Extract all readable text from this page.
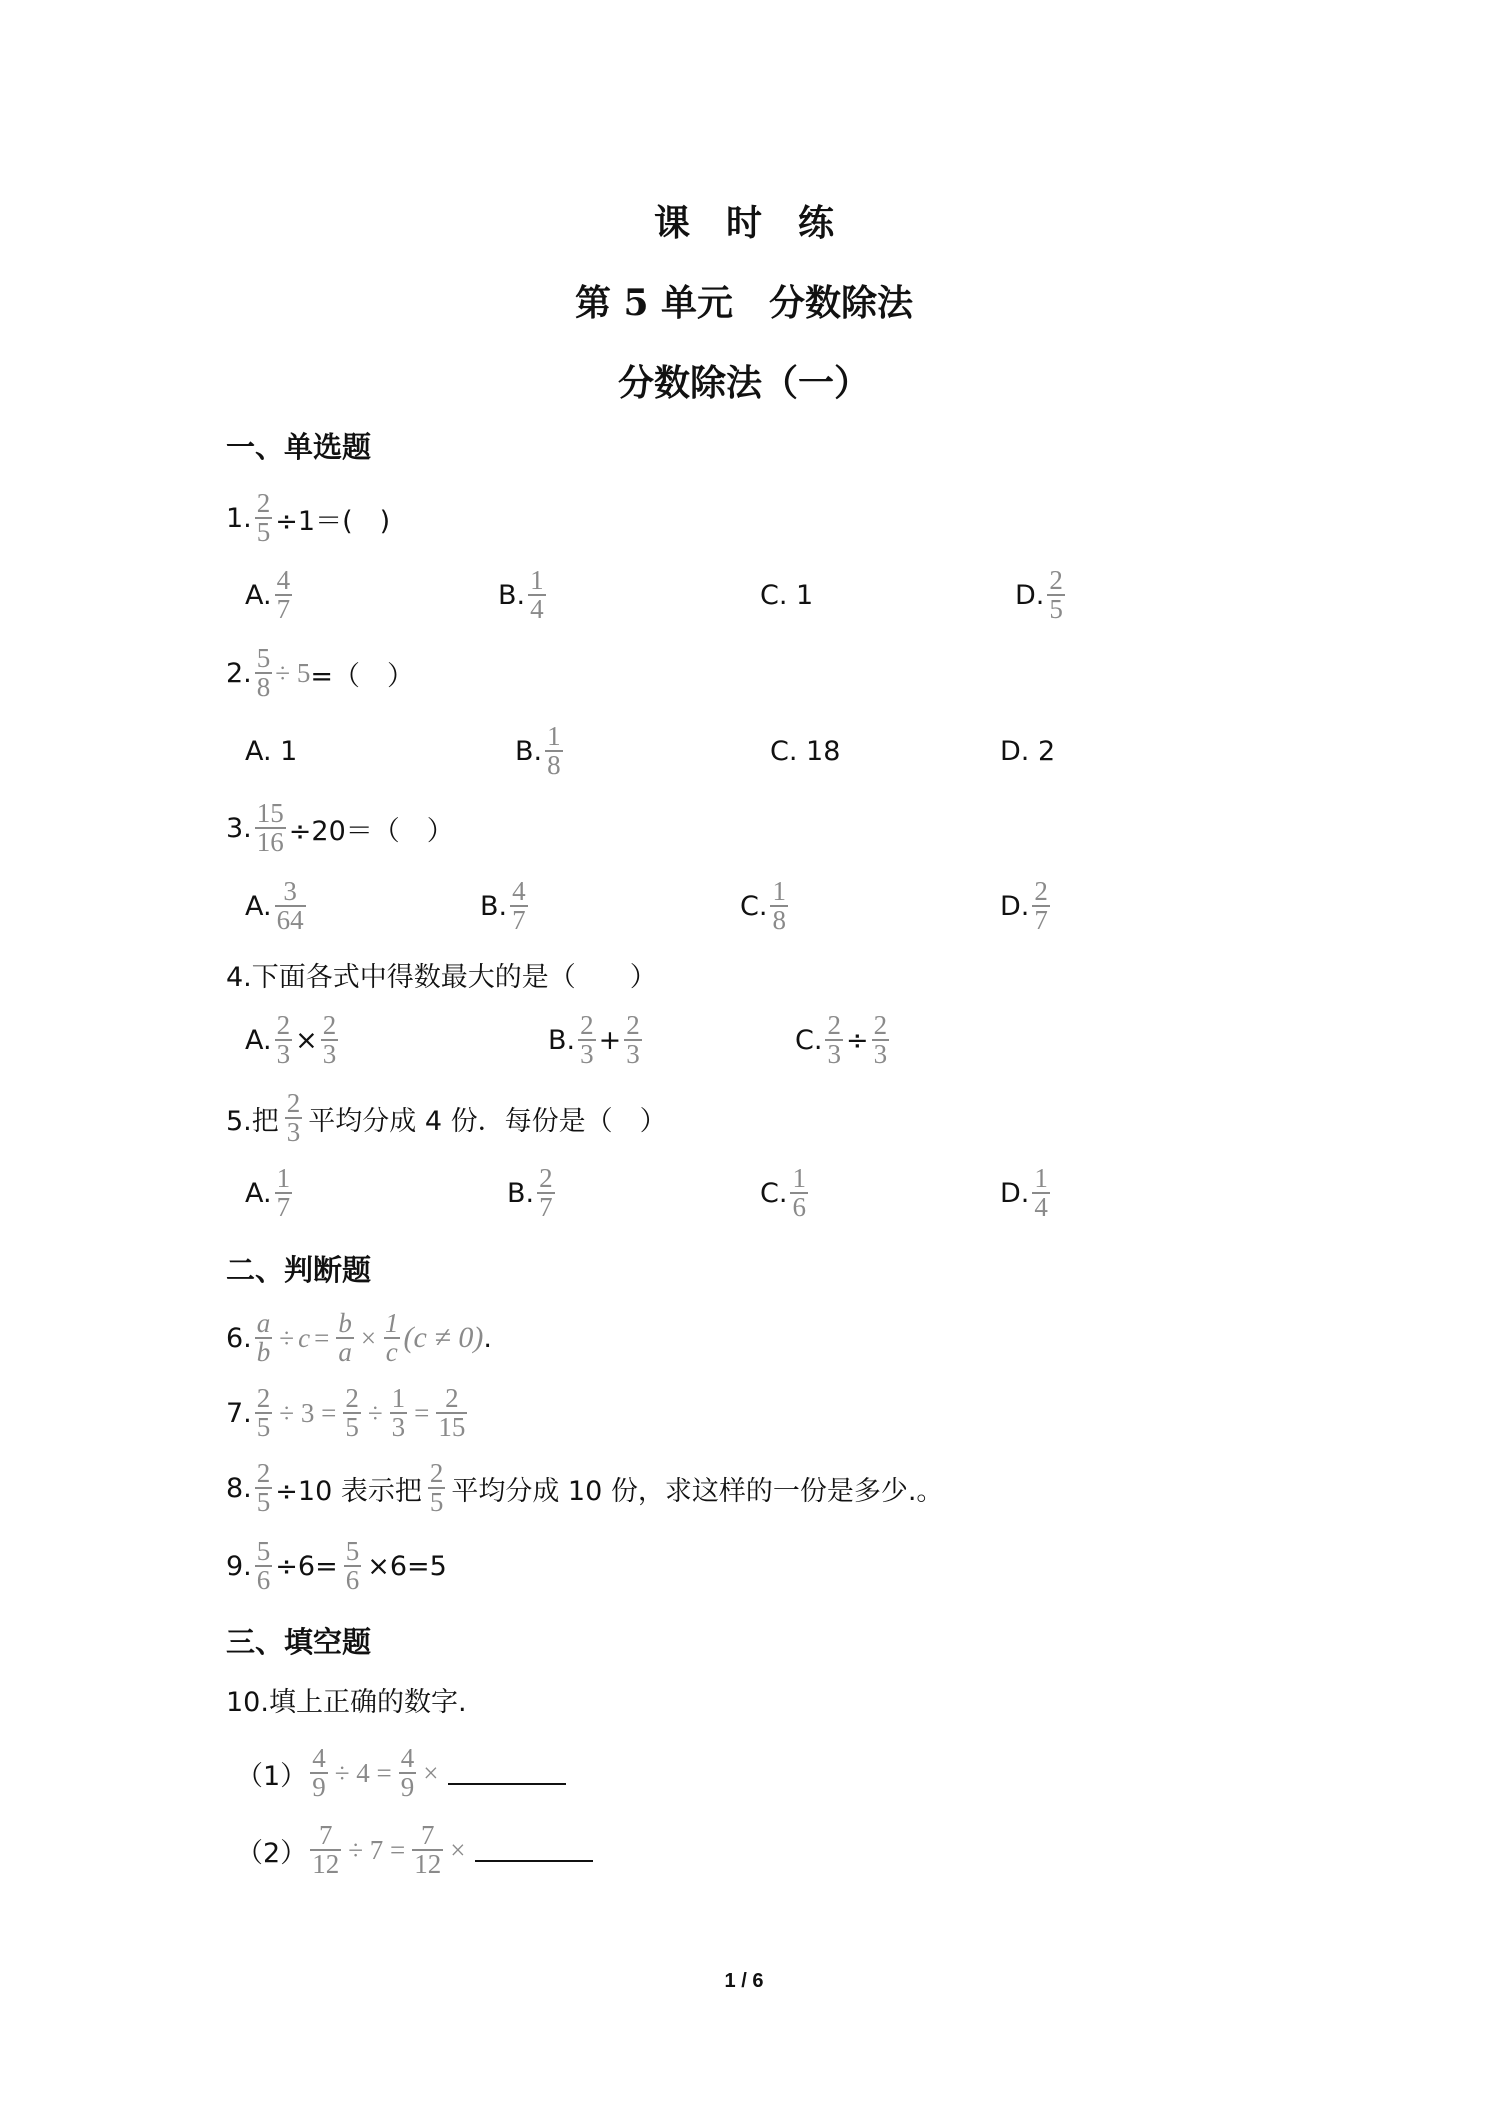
课　时　练
第 5 单元　分数除法
分数除法（一）
一、单选题
1. $\frac{2}{5} \div 1=$(　)
A. $\frac{4}{7}$	B. $\frac{1}{4}$	C. 1	D. $\frac{2}{5}$
2. $\frac{5}{8} \div 5$ =（　）
A. 1	B. $\frac{1}{8}$	C. 18	D. 2
3. $\frac{15}{16} \div 20=$（　）
A. $\frac{3}{64}$	B. $\frac{4}{7}$	C. $\frac{1}{8}$	D. $\frac{2}{7}$
4.下面各式中得数最大的是（　　）
A. $\frac{2}{3} \times \frac{2}{3}$	B. $\frac{2}{3} + \frac{2}{3}$	C. $\frac{2}{3} \div \frac{2}{3}$
5.把 $\frac{2}{3}$ 平均分成 4 份．每份是（　）
A. $\frac{1}{7}$	B. $\frac{2}{7}$	C. $\frac{1}{6}$	D. $\frac{1}{4}$
二、判断题
6. $\frac{a}{b} \div c = \frac{b}{a} \times \frac{1}{c} (c \ne 0)$ .
7. $\frac{2}{5} \div 3 = \frac{2}{5} \div \frac{1}{3} = \frac{2}{15}$
8. $\frac{2}{5} \div 10$ 表示把 $\frac{2}{5}$ 平均分成 10 份，求这样的一份是多少.。
9. $\frac{5}{6} \div 6= \frac{5}{6} \times 6=5$
三、填空题
10.填上正确的数字.
$(1) \frac{4}{9} \div 4 = \frac{4}{9}$ ×
$(2) \frac{7}{12} \div 7 = \frac{7}{12}$ ×
1 / 6
